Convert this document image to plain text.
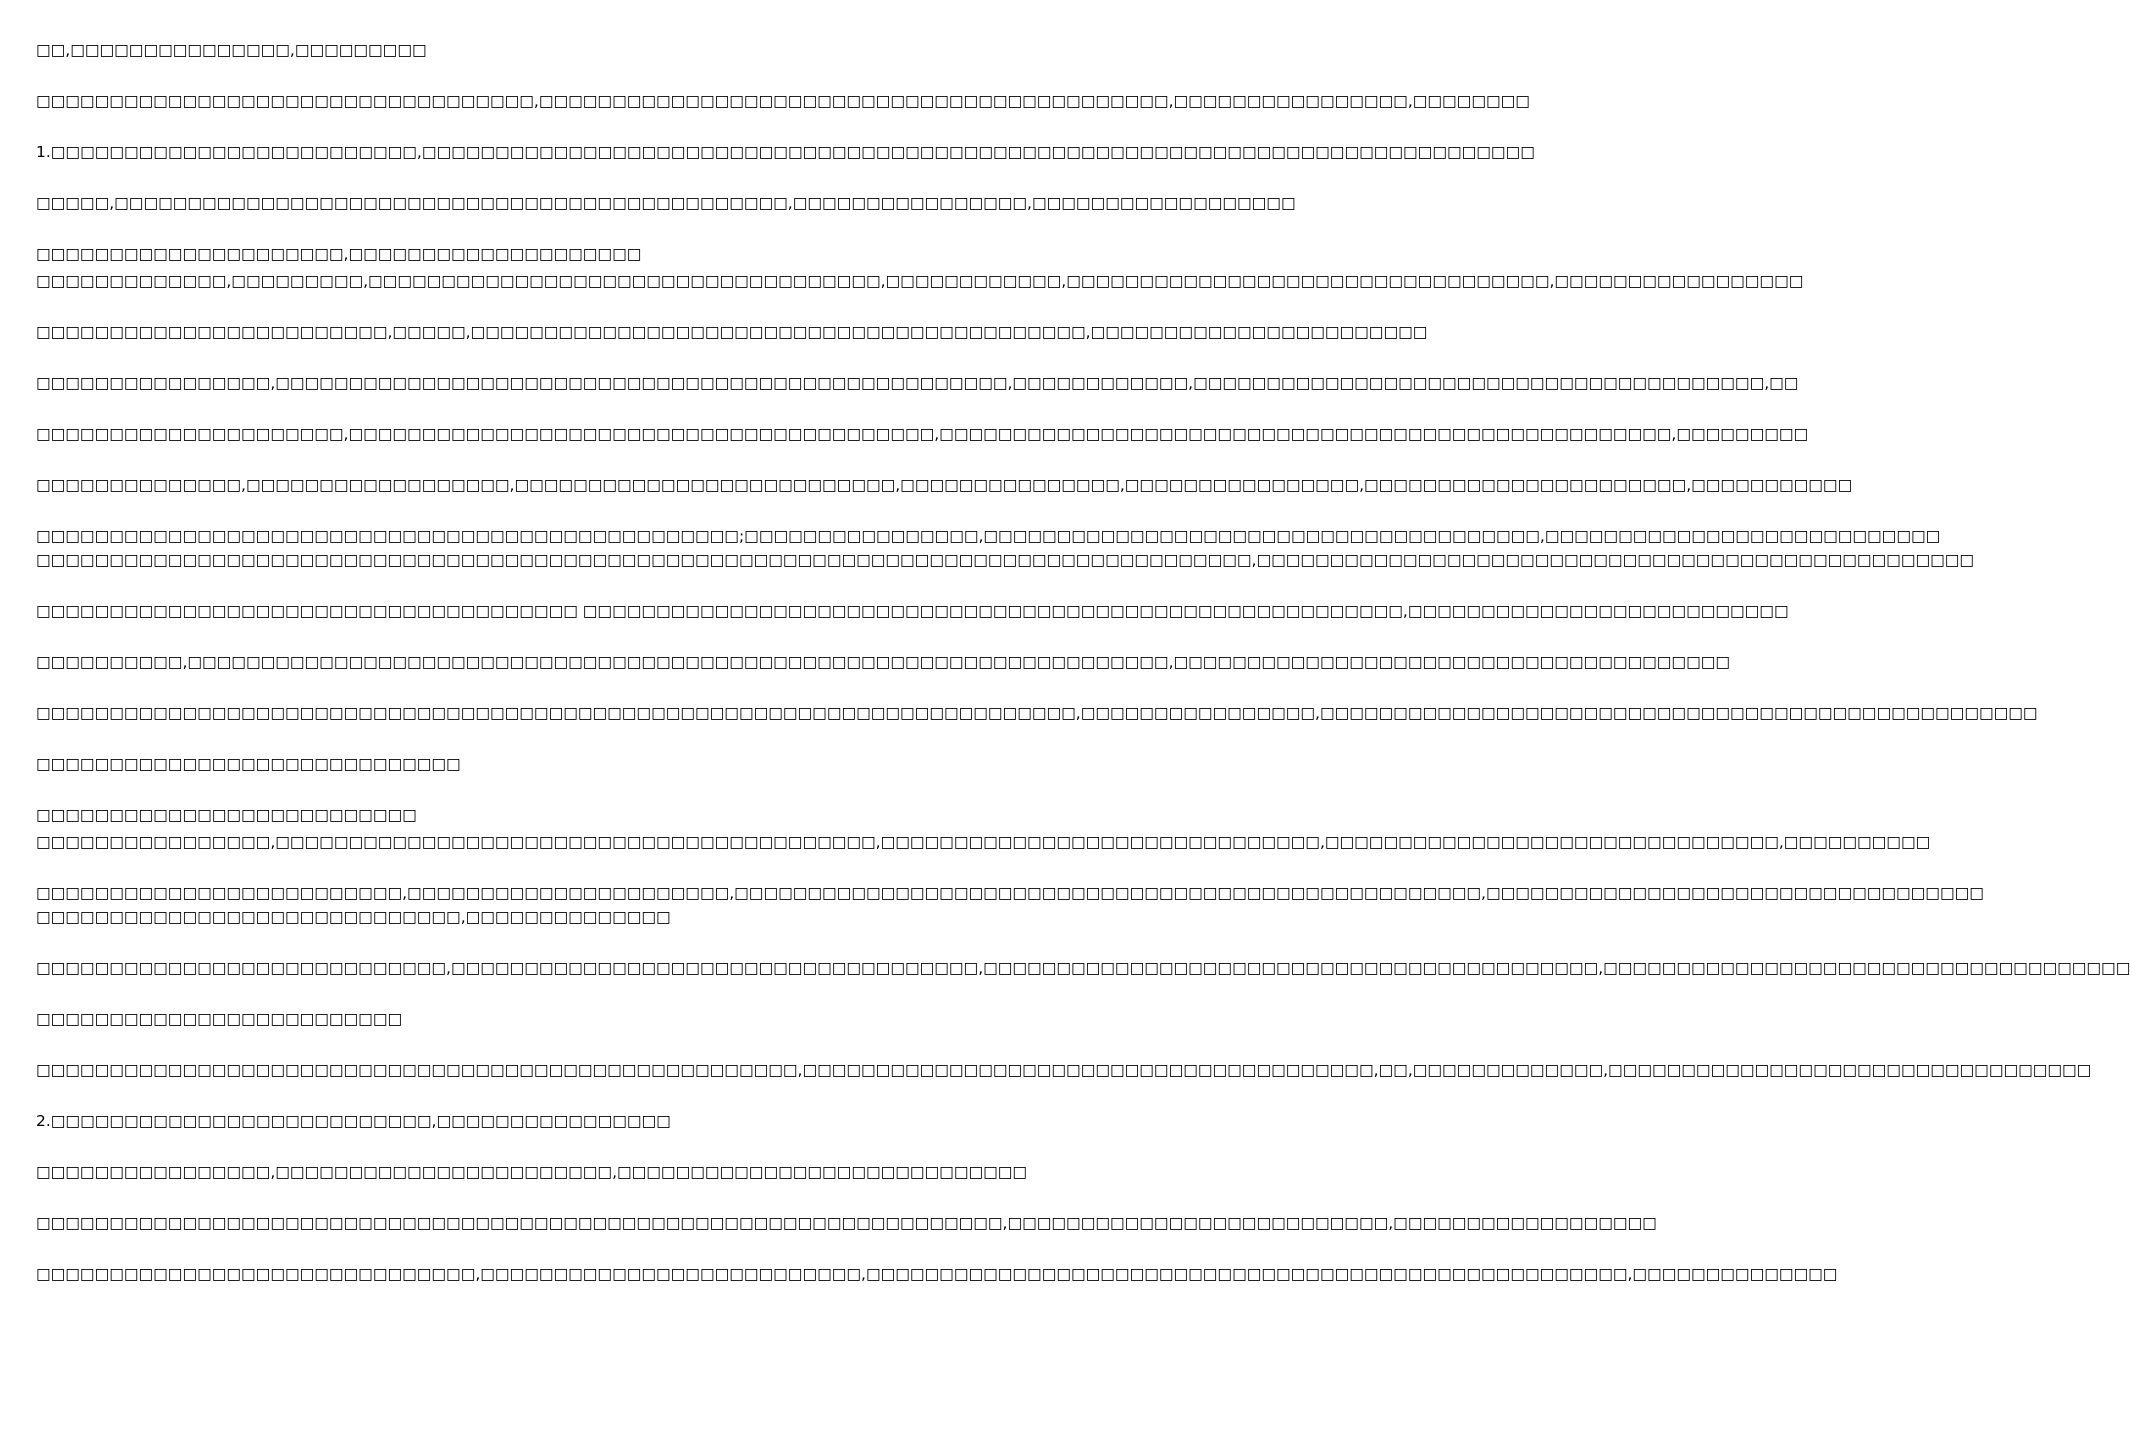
□□,□□□□□□□□□□□□□□□,□□□□□□□□□

□□□□□□□□□□□□□□□□□□□□□□□□□□□□□□□□□□,□□□□□□□□□□□□□□□□□□□□□□□□□□□□□□□□□□□□□□□□□□□,□□□□□□□□□□□□□□□□,□□□□□□□□

1.□□□□□□□□□□□□□□□□□□□□□□□□□,□□□□□□□□□□□□□□□□□□□□□□□□□□□□□□□□□□□□□□□□□□□□□□□□□□□□□□□□□□□□□□□□□□□□□□□□□□□□

□□□□□,□□□□□□□□□□□□□□□□□□□□□□□□□□□□□□□□□□□□□□□□□□□□□□,□□□□□□□□□□□□□□□□,□□□□□□□□□□□□□□□□□□

□□□□□□□□□□□□□□□□□□□□□,□□□□□□□□□□□□□□□□□□□□

□□□□□□□□□□□□□,□□□□□□□□□,□□□□□□□□□□□□□□□□□□□□□□□□□□□□□□□□□□□,□□□□□□□□□□□□,□□□□□□□□□□□□□□□□□□□□□□□□□□□□□□□□□,□□□□□□□□□□□□□□□□□

□□□□□□□□□□□□□□□□□□□□□□□□,□□□□□,□□□□□□□□□□□□□□□□□□□□□□□□□□□□□□□□□□□□□□□□□□,□□□□□□□□□□□□□□□□□□□□□□□

□□□□□□□□□□□□□□□□,□□□□□□□□□□□□□□□□□□□□□□□□□□□□□□□□□□□□□□□□□□□□□□□□□□,□□□□□□□□□□□□,□□□□□□□□□□□□□□□□□□□□□□□□□□□□□□□□□□□□□□□,□□

□□□□□□□□□□□□□□□□□□□□□,□□□□□□□□□□□□□□□□□□□□□□□□□□□□□□□□□□□□□□□□,□□□□□□□□□□□□□□□□□□□□□□□□□□□□□□□□□□□□□□□□□□□□□□□□□□,□□□□□□□□□

□□□□□□□□□□□□□□,□□□□□□□□□□□□□□□□□□,□□□□□□□□□□□□□□□□□□□□□□□□□□,□□□□□□□□□□□□□□□,□□□□□□□□□□□□□□□□,□□□□□□□□□□□□□□□□□□□□□□,□□□□□□□□□□□

□□□□□□□□□□□□□□□□□□□□□□□□□□□□□□□□□□□□□□□□□□□□□□□□;□□□□□□□□□□□□□□□□,□□□□□□□□□□□□□□□□□□□□□□□□□□□□□□□□□□□□□□,□□□□□□□□□□□□□□□□□□□□□□□□□□□
□□□□□□□□□□□□□□□□□□□□□□□□□□□□□□□□□□□□□□□□□□□□□□□□□□□□□□□□□□□□□□□□□□□□□□□□□□□□□□□□□□□,□□□□□□□□□□□□□□□□□□□□□□□□□□□□□□□□□□□□□□□□□□□□□□□□□

□□□□□□□□□□□□□□□□□□□□□□□□□□□□□□□□□□□□□ □□□□□□□□□□□□□□□□□□□□□□□□□□□□□□□□□□□□□□□□□□□□□□□□□□□□□□□□,□□□□□□□□□□□□□□□□□□□□□□□□□□

□□□□□□□□□□,□□□□□□□□□□□□□□□□□□□□□□□□□□□□□□□□□□□□□□□□□□□□□□□□□□□□□□□□□□□□□□□□□□□,□□□□□□□□□□□□□□□□□□□□□□□□□□□□□□□□□□□□□□

□□□□□□□□□□□□□□□□□□□□□□□□□□□□□□□□□□□□□□□□□□□□□□□□□□□□□□□□□□□□□□□□□□□□□□□,□□□□□□□□□□□□□□□□,□□□□□□□□□□□□□□□□□□□□□□□□□□□□□□□□□□□□□□□□□□□□□□□□□

□□□□□□□□□□□□□□□□□□□□□□□□□□□□□

□□□□□□□□□□□□□□□□□□□□□□□□□□

□□□□□□□□□□□□□□□□,□□□□□□□□□□□□□□□□□□□□□□□□□□□□□□□□□□□□□□□□□,□□□□□□□□□□□□□□□□□□□□□□□□□□□□□□,□□□□□□□□□□□□□□□□□□□□□□□□□□□□□□□,□□□□□□□□□□

□□□□□□□□□□□□□□□□□□□□□□□□□,□□□□□□□□□□□□□□□□□□□□□□,□□□□□□□□□□□□□□□□□□□□□□□□□□□□□□□□□□□□□□□□□□□□□□□□□□□,□□□□□□□□□□□□□□□□□□□□□□□□□□□□□□□□□□
□□□□□□□□□□□□□□□□□□□□□□□□□□□□□,□□□□□□□□□□□□□□

□□□□□□□□□□□□□□□□□□□□□□□□□□□□,□□□□□□□□□□□□□□□□□□□□□□□□□□□□□□□□□□□□,□□□□□□□□□□□□□□□□□□□□□□□□□□□□□□□□□□□□□□□□□□,□□□□□□□□□□□□□□□□□□□□□□□□□□□□□□□□□□□□

□□□□□□□□□□□□□□□□□□□□□□□□□

□□□□□□□□□□□□□□□□□□□□□□□□□□□□□□□□□□□□□□□□□□□□□□□□□□□□,□□□□□□□□□□□□□□□□□□□□□□□□□□□□□□□□□□□□□□□,□□,□□□□□□□□□□□□□,□□□□□□□□□□□□□□□□□□□□□□□□□□□□□□□□□

2.□□□□□□□□□□□□□□□□□□□□□□□□□□,□□□□□□□□□□□□□□□□

□□□□□□□□□□□□□□□□,□□□□□□□□□□□□□□□□□□□□□□□,□□□□□□□□□□□□□□□□□□□□□□□□□□□□

□□□□□□□□□□□□□□□□□□□□□□□□□□□□□□□□□□□□□□□□□□□□□□□□□□□□□□□□□□□□□□□□□□,□□□□□□□□□□□□□□□□□□□□□□□□□□,□□□□□□□□□□□□□□□□□□

□□□□□□□□□□□□□□□□□□□□□□□□□□□□□□,□□□□□□□□□□□□□□□□□□□□□□□□□□,□□□□□□□□□□□□□□□□□□□□□□□□□□□□□□□□□□□□□□□□□□□□□□□□□□□□,□□□□□□□□□□□□□□
